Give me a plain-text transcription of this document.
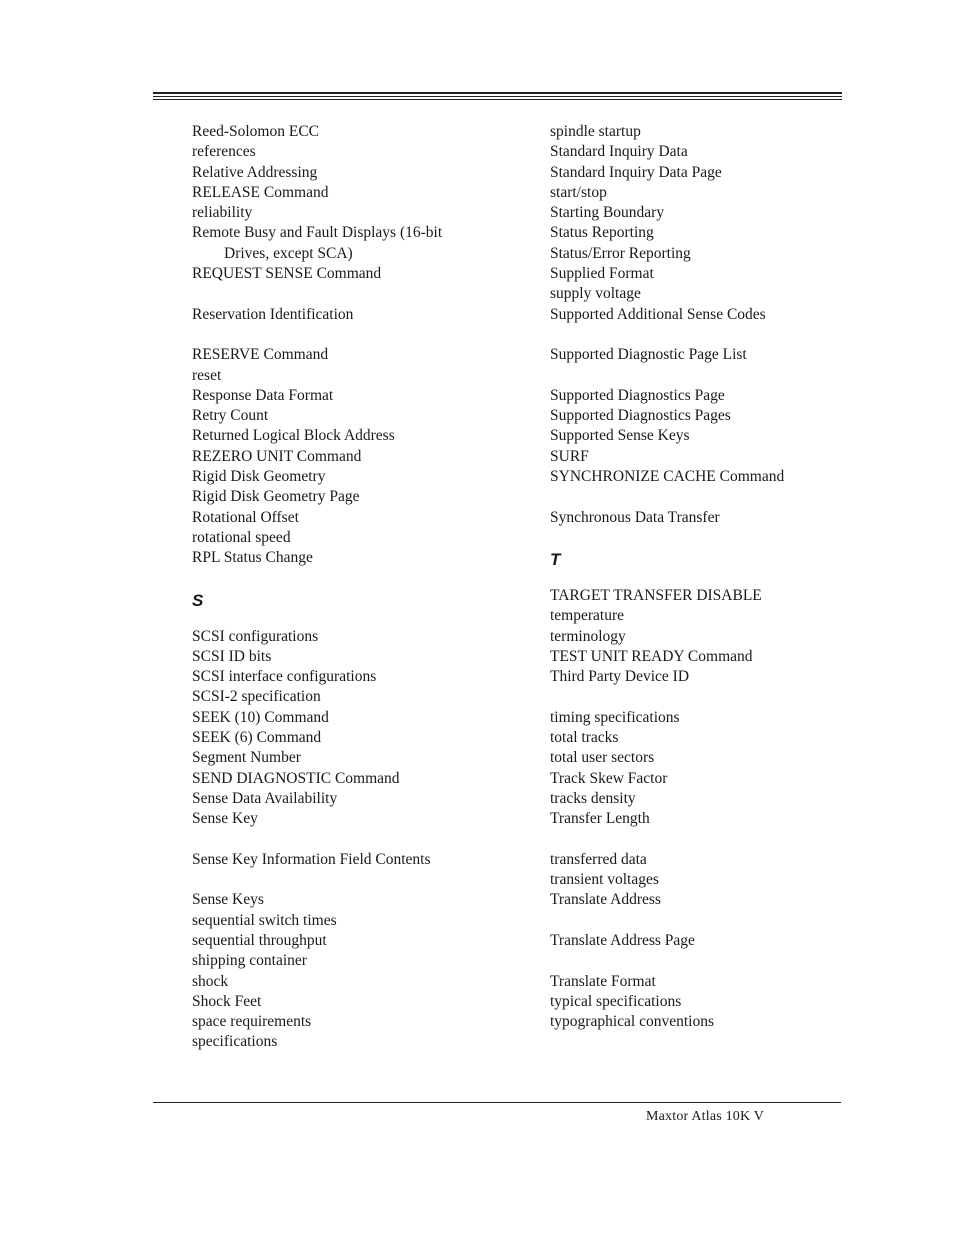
Reed-Solomon ECC
references
Relative Addressing
RELEASE Command
reliability
Remote Busy and Fault Displays (16-bit
Drives, except SCA)
REQUEST SENSE Command
Reservation Identification
RESERVE Command
reset
Response Data Format
Retry Count
Returned Logical Block Address
REZERO UNIT Command
Rigid Disk Geometry
Rigid Disk Geometry Page
Rotational Offset
rotational speed
RPL Status Change
S
SCSI configurations
SCSI ID bits
SCSI interface configurations
SCSI-2 specification
SEEK (10) Command
SEEK (6) Command
Segment Number
SEND DIAGNOSTIC Command
Sense Data Availability
Sense Key
Sense Key Information Field Contents
Sense Keys
sequential switch times
sequential throughput
shipping container
shock
Shock Feet
space requirements
specifications
spindle startup
Standard Inquiry Data
Standard Inquiry Data Page
start/stop
Starting Boundary
Status Reporting
Status/Error Reporting
Supplied Format
supply voltage
Supported Additional Sense Codes
Supported Diagnostic Page List
Supported Diagnostics Page
Supported Diagnostics Pages
Supported Sense Keys
SURF
SYNCHRONIZE CACHE Command
Synchronous Data Transfer
T
TARGET TRANSFER DISABLE
temperature
terminology
TEST UNIT READY Command
Third Party Device ID
timing specifications
total tracks
total user sectors
Track Skew Factor
tracks density
Transfer Length
transferred data
transient voltages
Translate Address
Translate Address Page
Translate Format
typical specifications
typographical conventions
Maxtor Atlas 10K V
